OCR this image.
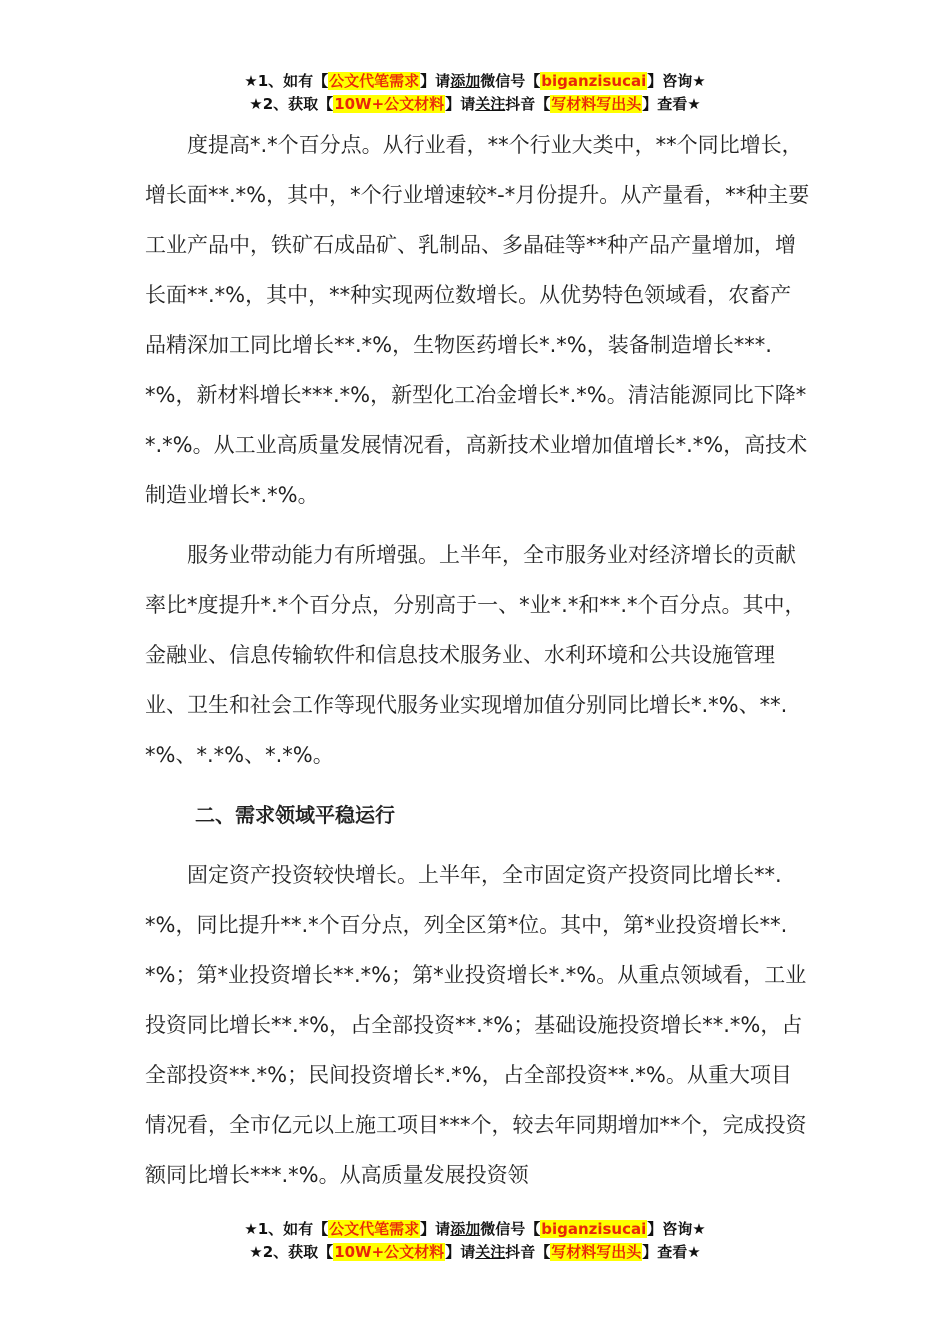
★1、如有【公文代笔需求】请添加微信号【biganzisucai】咨询★
★2、获取【10W+公文材料】请关注抖音【写材料写出头】查看★

度提高*.*个百分点。从行业看，**个行业大类中，**个同比增长，增长面**.*%，其中，*个行业增速较*-*月份提升。从产量看，**种主要工业产品中，铁矿石成品矿、乳制品、多晶硅等**种产品产量增加，增长面**.*%，其中，**种实现两位数增长。从优势特色领域看，农畜产品精深加工同比增长**.*%，生物医药增长*.*%，装备制造增长***.*%，新材料增长***.*%，新型化工冶金增长*.*%。清洁能源同比下降**.*%。从工业高质量发展情况看，高新技术业增加值增长*.*%，高技术制造业增长*.*%。

服务业带动能力有所增强。上半年，全市服务业对经济增长的贡献率比*度提升*.*个百分点，分别高于一、*业*.*和**.*个百分点。其中，金融业、信息传输软件和信息技术服务业、水利环境和公共设施管理业、卫生和社会工作等现代服务业实现增加值分别同比增长*.*%、**.*%、*.*%、*.*%。

二、需求领域平稳运行

固定资产投资较快增长。上半年，全市固定资产投资同比增长**.*%，同比提升**.*个百分点，列全区第*位。其中，第*业投资增长**.*%；第*业投资增长**.*%；第*业投资增长*.*%。从重点领域看，工业投资同比增长**.*%，占全部投资**.*%；基础设施投资增长**.*%，占全部投资**.*%；民间投资增长*.*%，占全部投资**.*%。从重大项目情况看，全市亿元以上施工项目***个，较去年同期增加**个，完成投资额同比增长***.*%。从高质量发展投资领

★1、如有【公文代笔需求】请添加微信号【biganzisucai】咨询★
★2、获取【10W+公文材料】请关注抖音【写材料写出头】查看★
